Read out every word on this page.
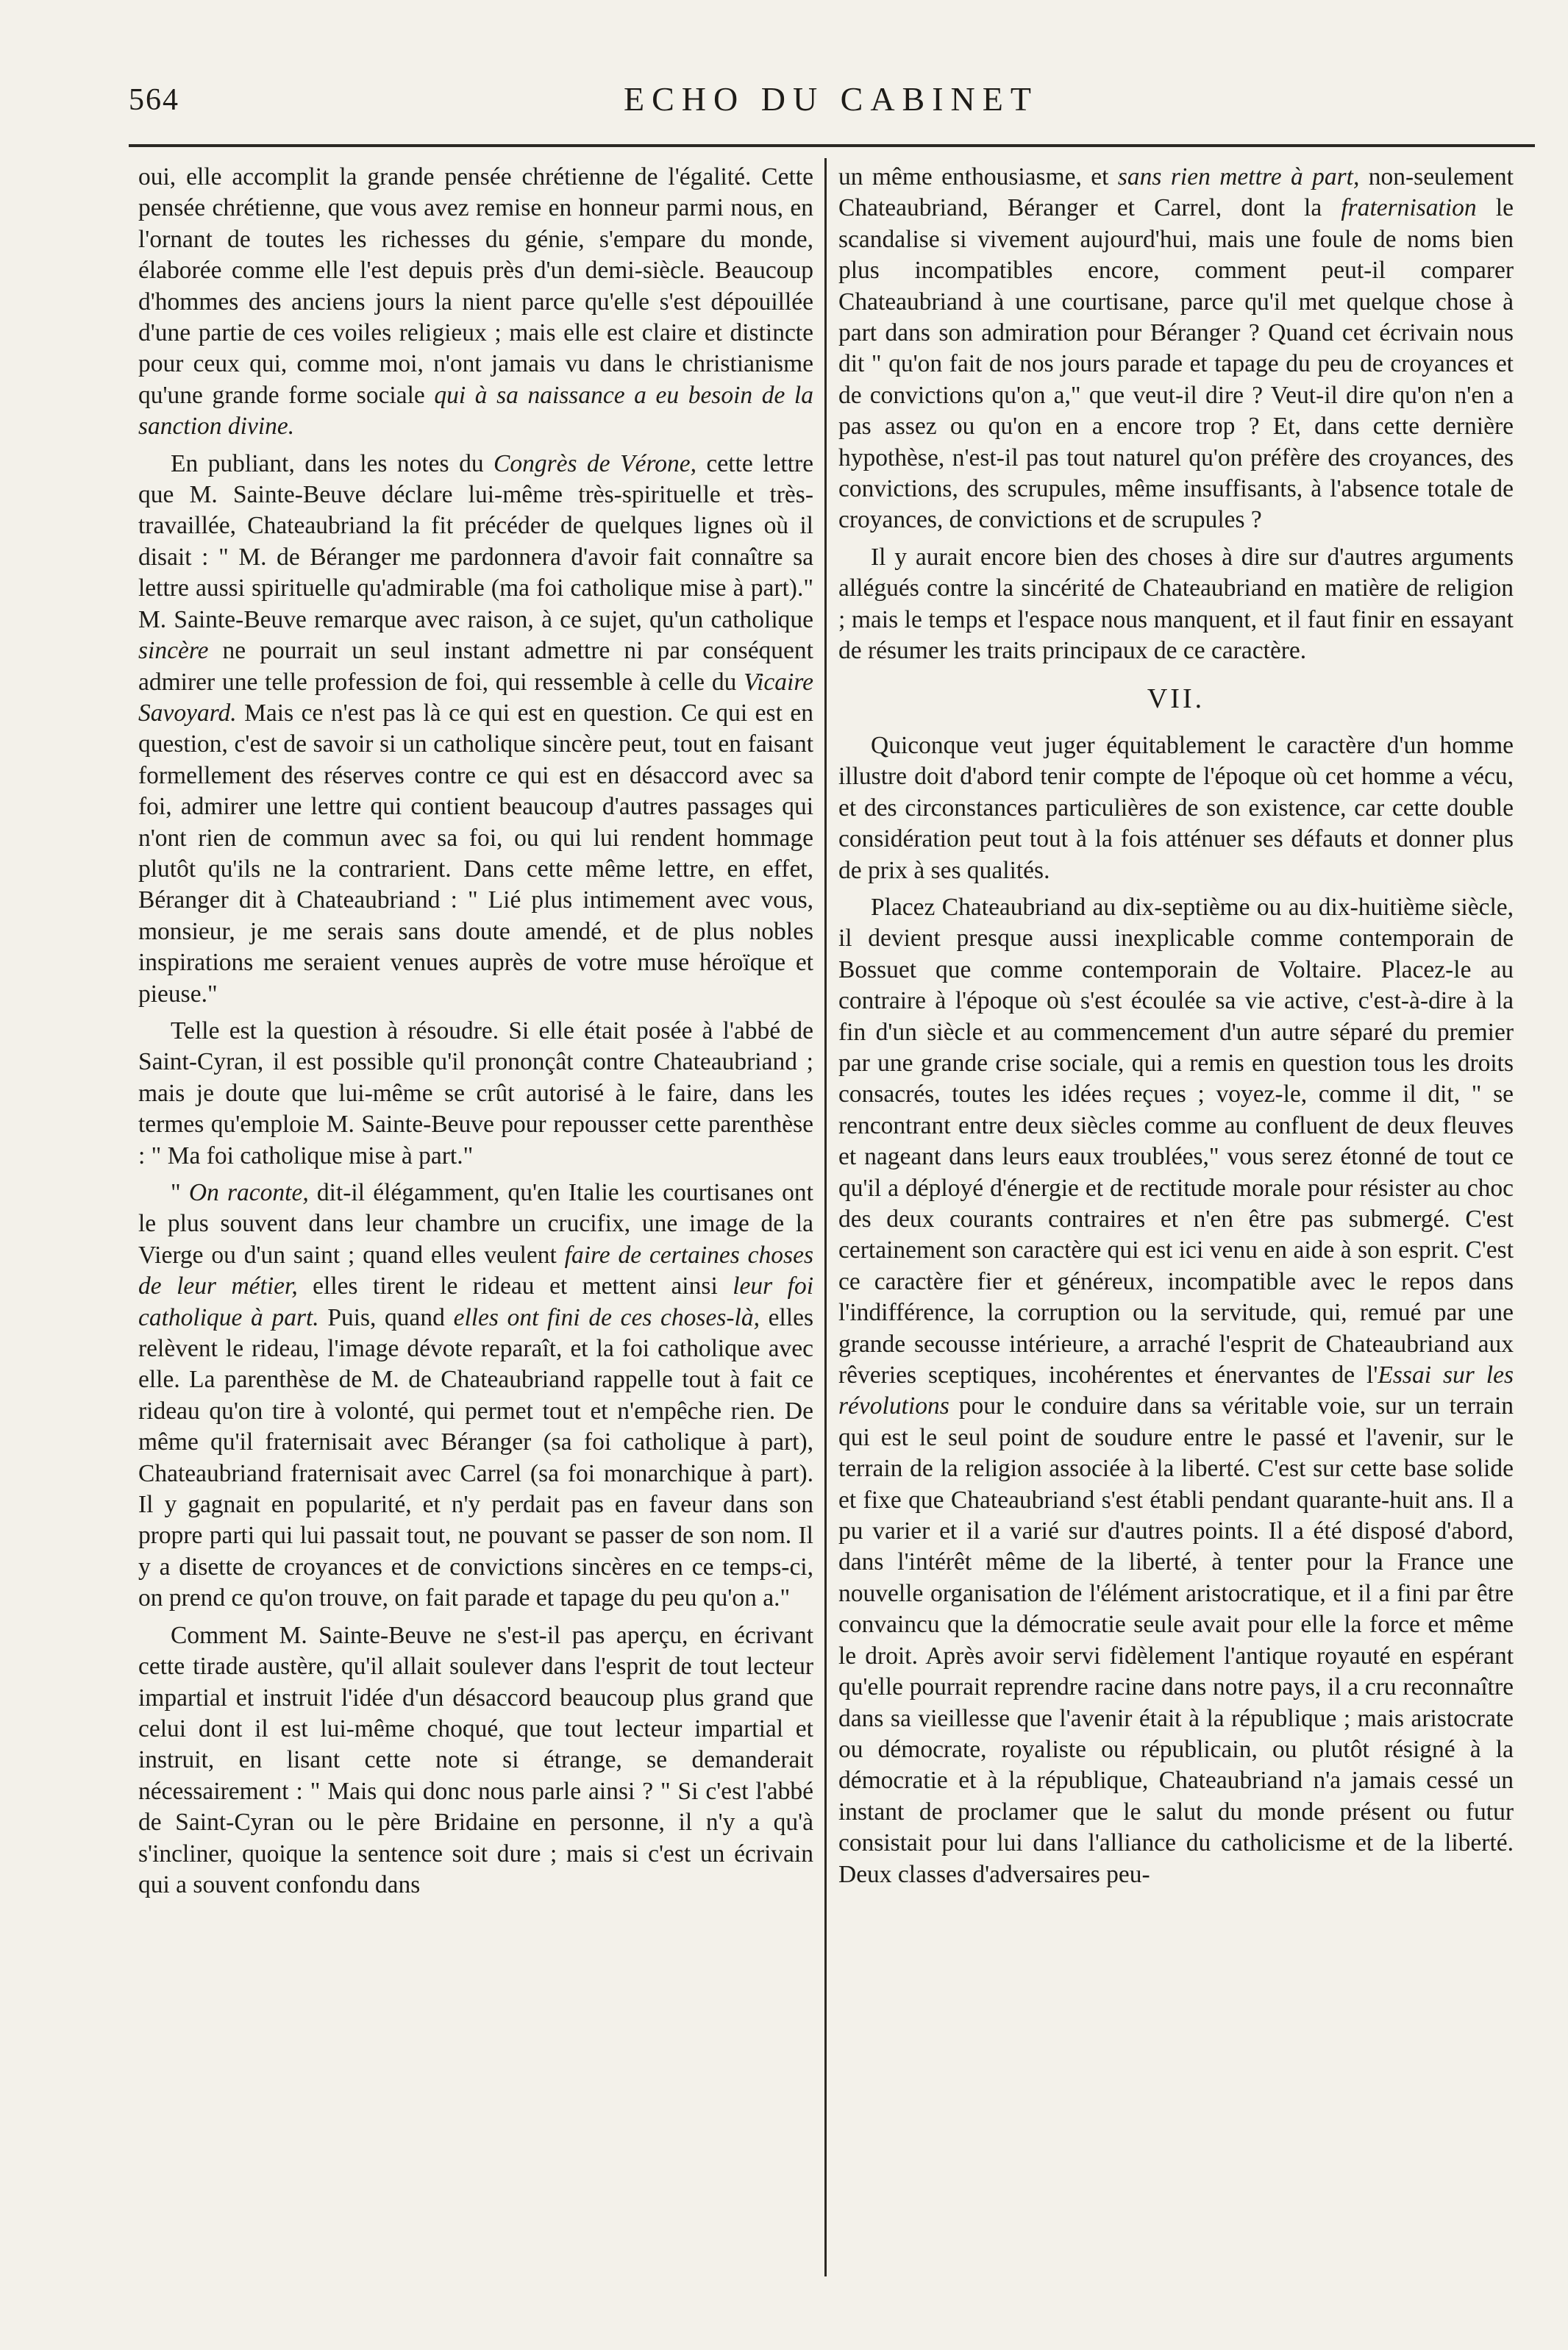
564	ECHO DU CABINET

oui, elle accomplit la grande pensée chrétienne de l'égalité. Cette pensée chrétienne, que vous avez remise en honneur parmi nous, en l'ornant de toutes les richesses du génie, s'empare du monde, élaborée comme elle l'est depuis près d'un demi-siècle. Beaucoup d'hommes des anciens jours la nient parce qu'elle s'est dépouillée d'une partie de ces voiles religieux ; mais elle est claire et distincte pour ceux qui, comme moi, n'ont jamais vu dans le christianisme qu'une grande forme sociale qui à sa naissance a eu besoin de la sanction divine.

En publiant, dans les notes du Congrès de Vérone, cette lettre que M. Sainte-Beuve déclare lui-même très-spirituelle et très-travaillée, Chateaubriand la fit précéder de quelques lignes où il disait : " M. de Béranger me pardonnera d'avoir fait connaître sa lettre aussi spirituelle qu'admirable (ma foi catholique mise à part)." M. Sainte-Beuve remarque avec raison, à ce sujet, qu'un catholique sincère ne pourrait un seul instant admettre ni par conséquent admirer une telle profession de foi, qui ressemble à celle du Vicaire Savoyard. Mais ce n'est pas là ce qui est en question. Ce qui est en question, c'est de savoir si un catholique sincère peut, tout en faisant formellement des réserves contre ce qui est en désaccord avec sa foi, admirer une lettre qui contient beaucoup d'autres passages qui n'ont rien de commun avec sa foi, ou qui lui rendent hommage plutôt qu'ils ne la contrarient. Dans cette même lettre, en effet, Béranger dit à Chateaubriand : " Lié plus intimement avec vous, monsieur, je me serais sans doute amendé, et de plus nobles inspirations me seraient venues auprès de votre muse héroïque et pieuse."

Telle est la question à résoudre. Si elle était posée à l'abbé de Saint-Cyran, il est possible qu'il prononçât contre Chateaubriand ; mais je doute que lui-même se crût autorisé à le faire, dans les termes qu'emploie M. Sainte-Beuve pour repousser cette parenthèse : " Ma foi catholique mise à part."

" On raconte, dit-il élégamment, qu'en Italie les courtisanes ont le plus souvent dans leur chambre un crucifix, une image de la Vierge ou d'un saint ; quand elles veulent faire de certaines choses de leur métier, elles tirent le rideau et mettent ainsi leur foi catholique à part. Puis, quand elles ont fini de ces choses-là, elles relèvent le rideau, l'image dévote reparaît, et la foi catholique avec elle. La parenthèse de M. de Chateaubriand rappelle tout à fait ce rideau qu'on tire à volonté, qui permet tout et n'empêche rien. De même qu'il fraternisait avec Béranger (sa foi catholique à part), Chateaubriand fraternisait avec Carrel (sa foi monarchique à part). Il y gagnait en popularité, et n'y perdait pas en faveur dans son propre parti qui lui passait tout, ne pouvant se passer de son nom. Il y a disette de croyances et de convictions sincères en ce temps-ci, on prend ce qu'on trouve, on fait parade et tapage du peu qu'on a."

Comment M. Sainte-Beuve ne s'est-il pas aperçu, en écrivant cette tirade austère, qu'il allait soulever dans l'esprit de tout lecteur impartial et instruit l'idée d'un désaccord beaucoup plus grand que celui dont il est lui-même choqué, que tout lecteur impartial et instruit, en lisant cette note si étrange, se demanderait nécessairement : " Mais qui donc nous parle ainsi ? " Si c'est l'abbé de Saint-Cyran ou le père Bridaine en personne, il n'y a qu'à s'incliner, quoique la sentence soit dure ; mais si c'est un écrivain qui a souvent confondu dans

un même enthousiasme, et sans rien mettre à part, non-seulement Chateaubriand, Béranger et Carrel, dont la fraternisation le scandalise si vivement aujourd'hui, mais une foule de noms bien plus incompatibles encore, comment peut-il comparer Chateaubriand à une courtisane, parce qu'il met quelque chose à part dans son admiration pour Béranger ? Quand cet écrivain nous dit " qu'on fait de nos jours parade et tapage du peu de croyances et de convictions qu'on a," que veut-il dire ? Veut-il dire qu'on n'en a pas assez ou qu'on en a encore trop ? Et, dans cette dernière hypothèse, n'est-il pas tout naturel qu'on préfère des croyances, des convictions, des scrupules, même insuffisants, à l'absence totale de croyances, de convictions et de scrupules ?

Il y aurait encore bien des choses à dire sur d'autres arguments allégués contre la sincérité de Chateaubriand en matière de religion ; mais le temps et l'espace nous manquent, et il faut finir en essayant de résumer les traits principaux de ce caractère.

VII.

Quiconque veut juger équitablement le caractère d'un homme illustre doit d'abord tenir compte de l'époque où cet homme a vécu, et des circonstances particulières de son existence, car cette double considération peut tout à la fois atténuer ses défauts et donner plus de prix à ses qualités.

Placez Chateaubriand au dix-septième ou au dix-huitième siècle, il devient presque aussi inexplicable comme contemporain de Bossuet que comme contemporain de Voltaire. Placez-le au contraire à l'époque où s'est écoulée sa vie active, c'est-à-dire à la fin d'un siècle et au commencement d'un autre séparé du premier par une grande crise sociale, qui a remis en question tous les droits consacrés, toutes les idées reçues ; voyez-le, comme il dit, " se rencontrant entre deux siècles comme au confluent de deux fleuves et nageant dans leurs eaux troublées," vous serez étonné de tout ce qu'il a déployé d'énergie et de rectitude morale pour résister au choc des deux courants contraires et n'en être pas submergé. C'est certainement son caractère qui est ici venu en aide à son esprit. C'est ce caractère fier et généreux, incompatible avec le repos dans l'indifférence, la corruption ou la servitude, qui, remué par une grande secousse intérieure, a arraché l'esprit de Chateaubriand aux rêveries sceptiques, incohérentes et énervantes de l'Essai sur les révolutions pour le conduire dans sa véritable voie, sur un terrain qui est le seul point de soudure entre le passé et l'avenir, sur le terrain de la religion associée à la liberté. C'est sur cette base solide et fixe que Chateaubriand s'est établi pendant quarante-huit ans. Il a pu varier et il a varié sur d'autres points. Il a été disposé d'abord, dans l'intérêt même de la liberté, à tenter pour la France une nouvelle organisation de l'élément aristocratique, et il a fini par être convaincu que la démocratie seule avait pour elle la force et même le droit. Après avoir servi fidèlement l'antique royauté en espérant qu'elle pourrait reprendre racine dans notre pays, il a cru reconnaître dans sa vieillesse que l'avenir était à la république ; mais aristocrate ou démocrate, royaliste ou républicain, ou plutôt résigné à la démocratie et à la république, Chateaubriand n'a jamais cessé un instant de proclamer que le salut du monde présent ou futur consistait pour lui dans l'alliance du catholicisme et de la liberté. Deux classes d'adversaires peu-
